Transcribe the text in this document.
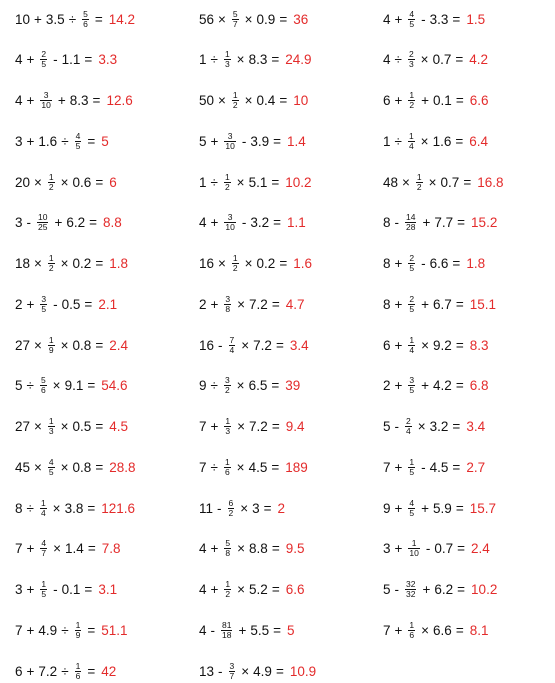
$10 + 3.5 \div \frac{5}{6} = 14.2$
$4 + \frac{2}{5} - 1.1 = 3.3$
$4 + \frac{3}{10} + 8.3 = 12.6$
$3 + 1.6 \div \frac{4}{5} = 5$
$20 \times \frac{1}{2} \times 0.6 = 6$
$3 - \frac{10}{25} + 6.2 = 8.8$
$18 \times \frac{1}{2} \times 0.2 = 1.8$
$2 + \frac{3}{5} - 0.5 = 2.1$
$27 \times \frac{1}{9} \times 0.8 = 2.4$
$5 \div \frac{5}{6} \times 9.1 = 54.6$
$27 \times \frac{1}{3} \times 0.5 = 4.5$
$45 \times \frac{4}{5} \times 0.8 = 28.8$
$8 \div \frac{1}{4} \times 3.8 = 121.6$
$7 + \frac{4}{7} \times 1.4 = 7.8$
$3 + \frac{1}{5} - 0.1 = 3.1$
$7 + 4.9 \div \frac{1}{9} = 51.1$
$6 + 7.2 \div \frac{1}{6} = 42$
$56 \times \frac{5}{7} \times 0.9 = 36$
$1 \div \frac{1}{3} \times 8.3 = 24.9$
$50 \times \frac{1}{2} \times 0.4 = 10$
$5 + \frac{3}{10} - 3.9 = 1.4$
$1 \div \frac{1}{2} \times 5.1 = 10.2$
$4 + \frac{3}{10} - 3.2 = 1.1$
$16 \times \frac{1}{2} \times 0.2 = 1.6$
$2 + \frac{3}{8} \times 7.2 = 4.7$
$16 - \frac{7}{4} \times 7.2 = 3.4$
$9 \div \frac{3}{2} \times 6.5 = 39$
$7 + \frac{1}{3} \times 7.2 = 9.4$
$7 \div \frac{1}{6} \times 4.5 = 189$
$11 - \frac{6}{2} \times 3 = 2$
$4 + \frac{5}{8} \times 8.8 = 9.5$
$4 + \frac{1}{2} \times 5.2 = 6.6$
$4 - \frac{81}{18} + 5.5 = 5$
$13 - \frac{3}{7} \times 4.9 = 10.9$
$4 + \frac{4}{5} - 3.3 = 1.5$
$4 \div \frac{2}{3} \times 0.7 = 4.2$
$6 + \frac{1}{2} + 0.1 = 6.6$
$1 \div \frac{1}{4} \times 1.6 = 6.4$
$48 \times \frac{1}{2} \times 0.7 = 16.8$
$8 - \frac{14}{28} + 7.7 = 15.2$
$8 + \frac{2}{5} - 6.6 = 1.8$
$8 + \frac{2}{5} + 6.7 = 15.1$
$6 + \frac{1}{4} \times 9.2 = 8.3$
$2 + \frac{3}{5} + 4.2 = 6.8$
$5 - \frac{2}{4} \times 3.2 = 3.4$
$7 + \frac{1}{5} - 4.5 = 2.7$
$9 + \frac{4}{5} + 5.9 = 15.7$
$3 + \frac{1}{10} - 0.7 = 2.4$
$5 - \frac{32}{32} + 6.2 = 10.2$
$7 + \frac{1}{6} \times 6.6 = 8.1$
